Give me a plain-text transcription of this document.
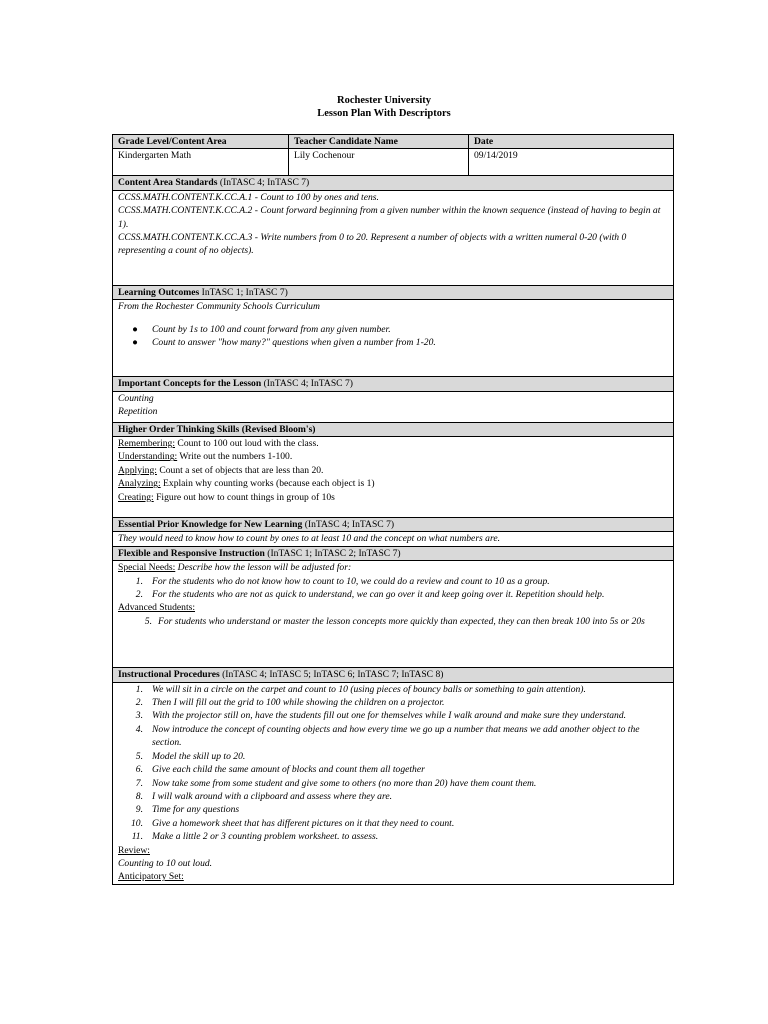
Rochester University
Lesson Plan With Descriptors
Grade Level/Content Area	Teacher Candidate Name	Date
Kindergarten Math	Lily Cochenour	09/14/2019
Content Area Standards (InTASC 4; InTASC 7)
CCSS.MATH.CONTENT.K.CC.A.1 - Count to 100 by ones and tens.
CCSS.MATH.CONTENT.K.CC.A.2 - Count forward beginning from a given number within the known sequence (instead of having to begin at 1).
CCSS.MATH.CONTENT.K.CC.A.3 - Write numbers from 0 to 20. Represent a number of objects with a written numeral 0-20 (with 0 representing a count of no objects).
Learning Outcomes InTASC 1; InTASC 7)
From the Rochester Community Schools Curriculum
●	Count by 1s to 100 and count forward from any given number.
●	Count to answer "how many?" questions when given a number from 1-20.
Important Concepts for the Lesson (InTASC 4; InTASC 7)
Counting
Repetition
Higher Order Thinking Skills (Revised Bloom's)
Remembering: Count to 100 out loud with the class.
Understanding: Write out the numbers 1-100.
Applying: Count a set of objects that are less than 20.
Analyzing: Explain why counting works (because each object is 1)
Creating: Figure out how to count things in group of 10s
Essential Prior Knowledge for New Learning (InTASC 4; InTASC 7)
They would need to know how to count by ones to at least 10 and the concept on what numbers are.
Flexible and Responsive Instruction (InTASC 1; InTASC 2; InTASC 7)
Special Needs: Describe how the lesson will be adjusted for:
1. For the students who do not know how to count to 10, we could do a review and count to 10 as a group.
2. For the students who are not as quick to understand, we can go over it and keep going over it. Repetition should help.
Advanced Students:
5. For students who understand or master the lesson concepts more quickly than expected, they can then break 100 into 5s or 20s
Instructional Procedures (InTASC 4; InTASC 5; InTASC 6; InTASC 7; InTASC 8)
1. We will sit in a circle on the carpet and count to 10 (using pieces of bouncy balls or something to gain attention).
2. Then I will fill out the grid to 100 while showing the children on a projector.
3. With the projector still on, have the students fill out one for themselves while I walk around and make sure they understand.
4. Now introduce the concept of counting objects and how every time we go up a number that means we add another object to the section.
5. Model the skill up to 20.
6. Give each child the same amount of blocks and count them all together
7. Now take some from some student and give some to others (no more than 20) have them count them.
8. I will walk around with a clipboard and assess where they are.
9. Time for any questions
10. Give a homework sheet that has different pictures on it that they need to count.
11. Make a little 2 or 3 counting problem worksheet. to assess.
Review:
Counting to 10 out loud.
Anticipatory Set:
